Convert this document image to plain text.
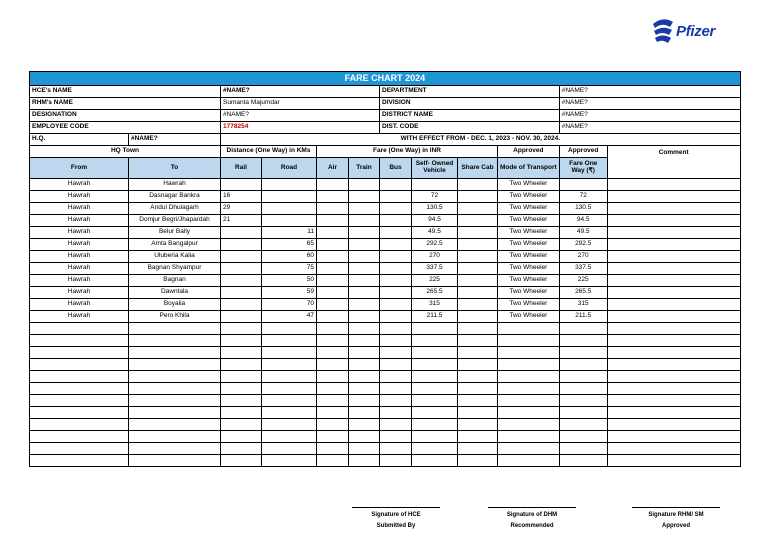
Pfizer
FARE CHART 2024											
HCE's NAME		#NAME?				DEPARTMENT				#NAME?	
RHM's NAME		Sumanta Majumdar				DIVISION				#NAME?	
DESIGNATION		#NAME?				DISTRICT NAME				#NAME?	
EMPLOYEE CODE		1778254				DIST. CODE				#NAME?	
H.Q.	#NAME?	WITH EFFECT FROM - DEC. 1, 2023 - NOV. 30, 2024.									
HQ Town		Distance (One Way) in KMs		Fare (One Way) in INR					Approved	Approved	Comment
From	To	Rail	Road	Air	Train	Bus	Self- Owned Vehicle	Share Cab	Mode of Transport	Fare One Way (₹)	
Hawrah	Hawrah								Two Wheeler		
Hawrah	Dasnagar Bankra	16					72		Two Wheeler	72	
Hawrah	Andul Dhulagarh	29					130.5		Two Wheeler	130.5	
Hawrah	Domjur Begri/Jhapardah	21					94.5		Two Wheeler	94.5	
Hawrah	Belur Bally		11				49.5		Two Wheeler	49.5	
Hawrah	Amta Bangalpur		65				292.5		Two Wheeler	292.5	
Hawrah	Uluberia Kalia		60				270		Two Wheeler	270	
Hawrah	Bagnan Shyampur		75				337.5		Two Wheeler	337.5	
Hawrah	Bagnan		50				225		Two Wheeler	225	
Hawrah	Dawntala		59				265.5		Two Wheeler	265.5	
Hawrah	Boyalia		70				315		Two Wheeler	315	
Hawrah	Pero Khila		47				211.5		Two Wheeler	211.5	

Signature of HCE
Submitted By
Signature of DHM
Recommended
Signature RHM/ SM
Approved
